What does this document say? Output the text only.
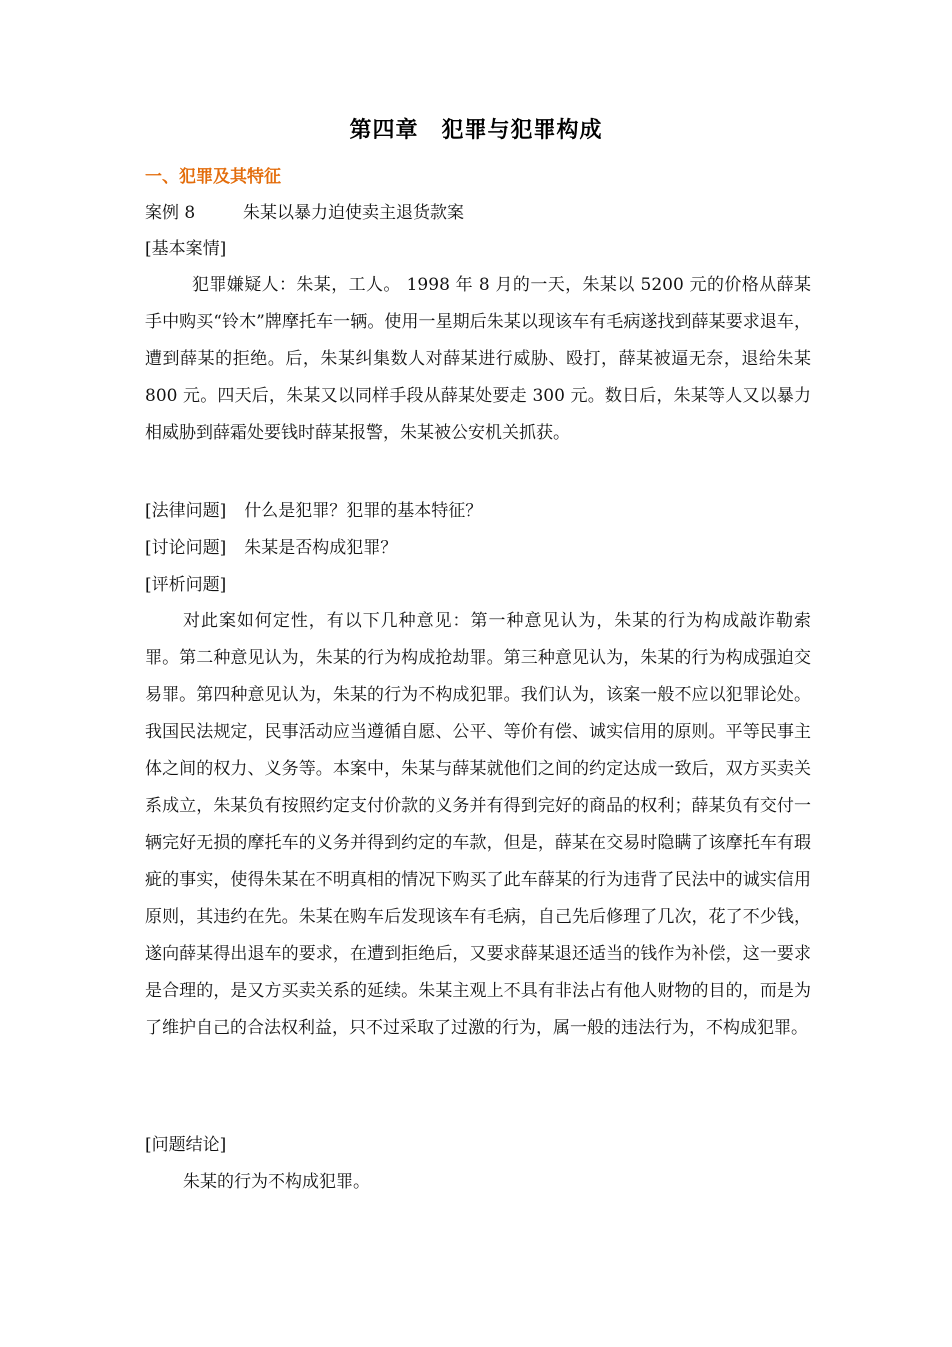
第四章　犯罪与犯罪构成
一、犯罪及其特征
案例 8	朱某以暴力迫使卖主退货款案
[基本案情]
犯罪嫌疑人：朱某，工人。 1998 年 8 月的一天，朱某以 5200 元的价格从薛某手中购买“铃木”牌摩托车一辆。使用一星期后朱某以现该车有毛病遂找到薛某要求退车，遭到薛某的拒绝。后，朱某纠集数人对薛某进行威胁、殴打，薛某被逼无奈，退给朱某 800 元。四天后，朱某又以同样手段从薛某处要走 300 元。数日后，朱某等人又以暴力相威胁到薛霜处要钱时薛某报警，朱某被公安机关抓获。
[法律问题] 什么是犯罪？犯罪的基本特征？
[讨论问题] 朱某是否构成犯罪？
[评析问题]
对此案如何定性，有以下几种意见：第一种意见认为，朱某的行为构成敲诈勒索罪。第二种意见认为，朱某的行为构成抢劫罪。第三种意见认为，朱某的行为构成强迫交易罪。第四种意见认为，朱某的行为不构成犯罪。我们认为，该案一般不应以犯罪论处。我国民法规定，民事活动应当遵循自愿、公平、等价有偿、诚实信用的原则。平等民事主体之间的权力、义务等。本案中，朱某与薛某就他们之间的约定达成一致后，双方买卖关系成立，朱某负有按照约定支付价款的义务并有得到完好的商品的权利；薛某负有交付一辆完好无损的摩托车的义务并得到约定的车款，但是，薛某在交易时隐瞒了该摩托车有瑕疵的事实，使得朱某在不明真相的情况下购买了此车薛某的行为违背了民法中的诚实信用原则，其违约在先。朱某在购车后发现该车有毛病，自己先后修理了几次，花了不少钱，遂向薛某得出退车的要求，在遭到拒绝后，又要求薛某退还适当的钱作为补偿，这一要求是合理的，是又方买卖关系的延续。朱某主观上不具有非法占有他人财物的目的，而是为了维护自己的合法权利益，只不过采取了过激的行为，属一般的违法行为，不构成犯罪。
[问题结论]
朱某的行为不构成犯罪。
